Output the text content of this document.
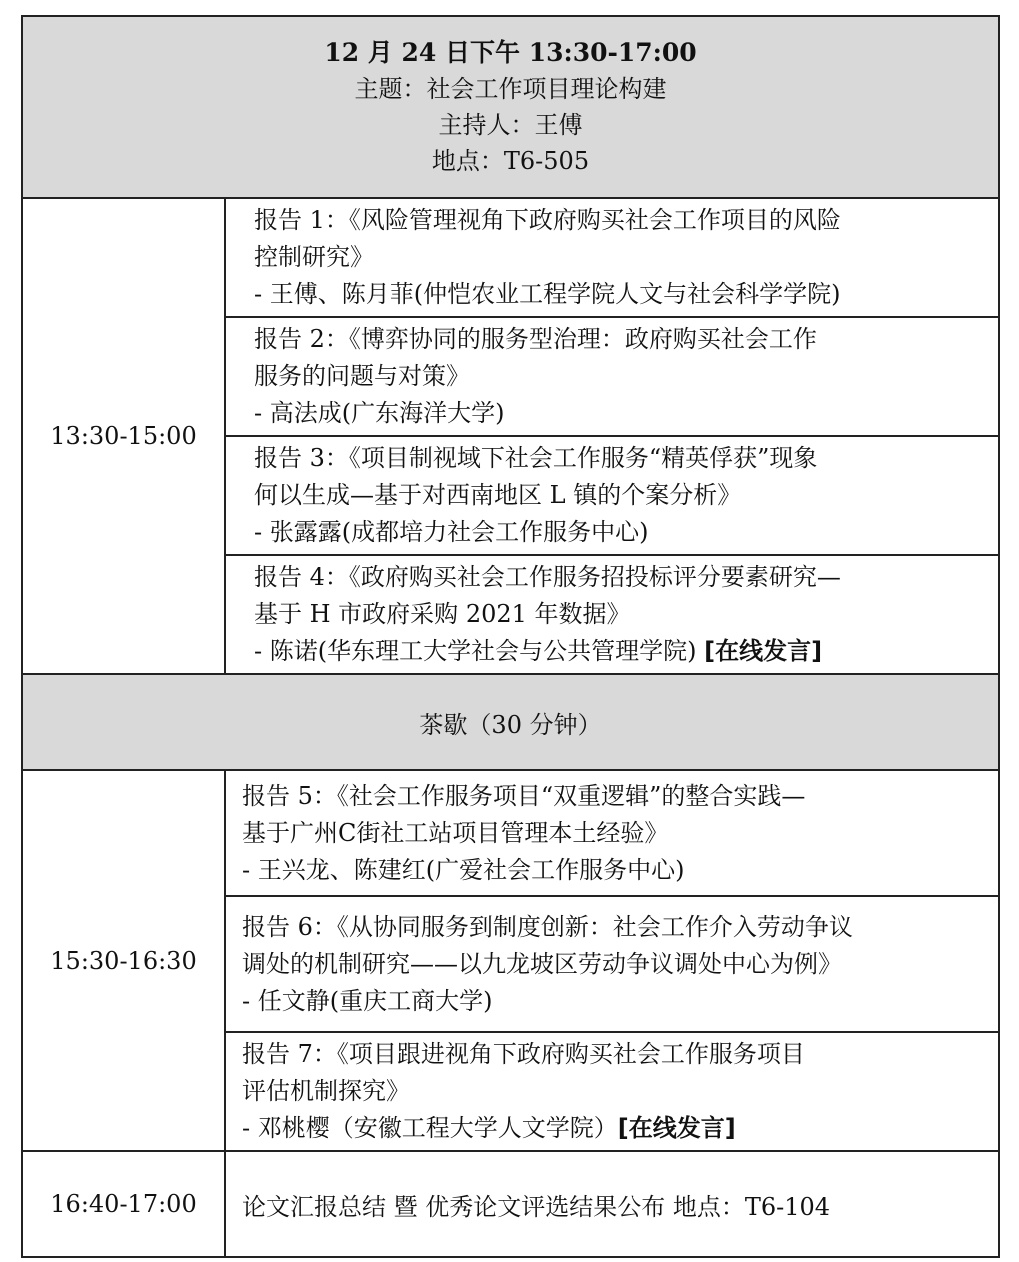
12 月 24 日下午 13:30-17:00
主题：社会工作项目理论构建
主持人：王傅
地点：T6-505	

13:30-15:00	报告 1：《风险管理视角下政府购买社会工作项目的风险
控制研究》
- 王傅、陈月菲(仲恺农业工程学院人文与社会科学学院)

	报告 2：《博弈协同的服务型治理：政府购买社会工作
服务的问题与对策》
- 高法成(广东海洋大学)

	报告 3：《项目制视域下社会工作服务“精英俘获”现象
何以生成—基于对西南地区 L 镇的个案分析》
- 张露露(成都培力社会工作服务中心)

	报告 4：《政府购买社会工作服务招投标评分要素研究—
基于 H 市政府采购 2021 年数据》
- 陈诺(华东理工大学社会与公共管理学院) [在线发言]

茶歇（30 分钟）	
15:30-16:30	报告 5：《社会工作服务项目“双重逻辑”的整合实践—
基于广州C街社工站项目管理本土经验》
- 王兴龙、陈建红(广爱社会工作服务中心)

	报告 6：《从协同服务到制度创新：社会工作介入劳动争议
调处的机制研究——以九龙坡区劳动争议调处中心为例》
- 任文静(重庆工商大学)

	报告 7：《项目跟进视角下政府购买社会工作服务项目
评估机制探究》
- 邓桃樱（安徽工程大学人文学院）[在线发言]

16:40-17:00	论文汇报总结 暨 优秀论文评选结果公布 地点：T6-104
